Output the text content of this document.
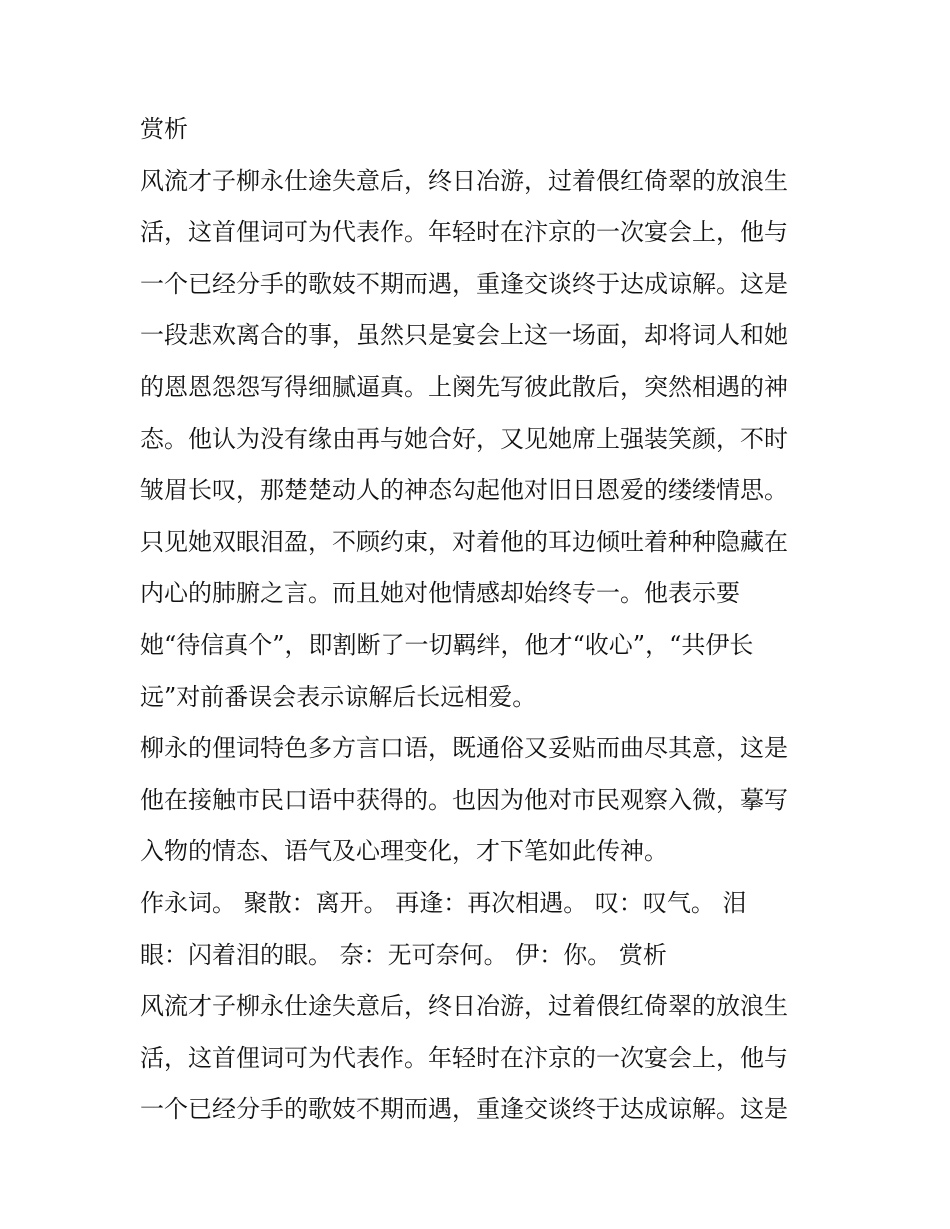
赏析
风流才子柳永仕途失意后，终日冶游，过着偎红倚翠的放浪生
活，这首俚词可为代表作。年轻时在汴京的一次宴会上，他与
一个已经分手的歌妓不期而遇，重逢交谈终于达成谅解。这是
一段悲欢离合的事，虽然只是宴会上这一场面，却将词人和她
的恩恩怨怨写得细腻逼真。上阕先写彼此散后，突然相遇的神
态。他认为没有缘由再与她合好，又见她席上强装笑颜，不时
皱眉长叹，那楚楚动人的神态勾起他对旧日恩爱的缕缕情思。
只见她双眼泪盈，不顾约束，对着他的耳边倾吐着种种隐藏在
内心的肺腑之言。而且她对他情感却始终专一。他表示要
她“待信真个”，即割断了一切羁绊，他才“收心”，“共伊长
远”对前番误会表示谅解后长远相爱。
柳永的俚词特色多方言口语，既通俗又妥贴而曲尽其意，这是
他在接触市民口语中获得的。也因为他对市民观察入微，摹写
入物的情态、语气及心理变化，才下笔如此传神。
作永词。 聚散：离开。 再逢：再次相遇。 叹：叹气。 泪
眼：闪着泪的眼。 奈：无可奈何。 伊：你。 赏析
风流才子柳永仕途失意后，终日冶游，过着偎红倚翠的放浪生
活，这首俚词可为代表作。年轻时在汴京的一次宴会上，他与
一个已经分手的歌妓不期而遇，重逢交谈终于达成谅解。这是
